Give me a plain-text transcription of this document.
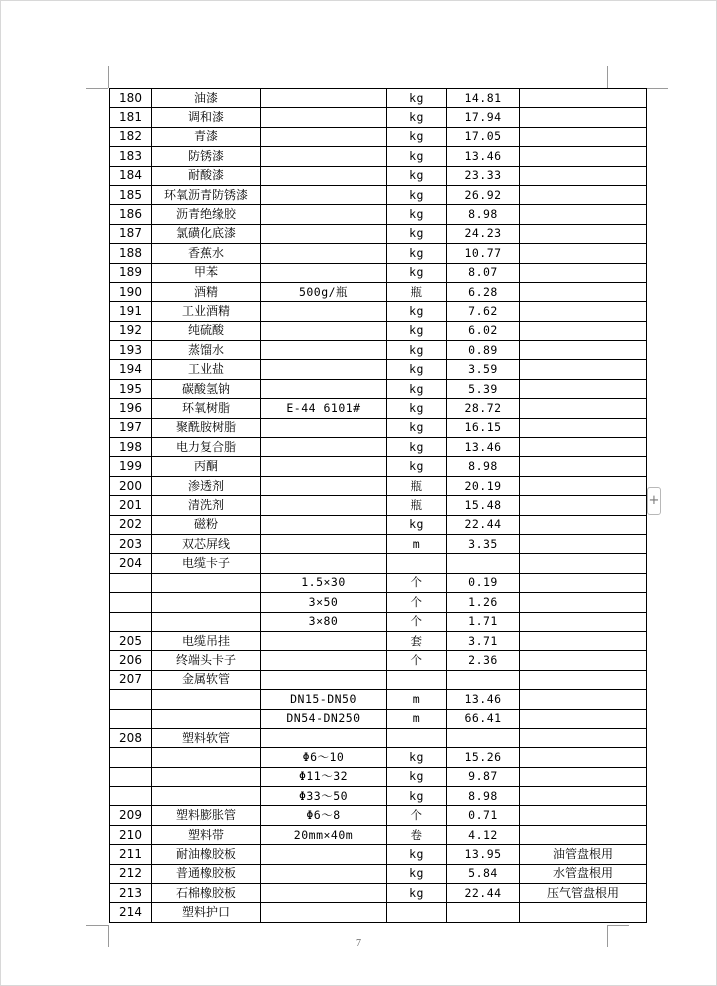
180	油漆		kg	14.81	
181	调和漆		kg	17.94	
182	青漆		kg	17.05	
183	防锈漆		kg	13.46	
184	耐酸漆		kg	23.33	
185	环氧沥青防锈漆		kg	26.92	
186	沥青绝缘胶		kg	8.98	
187	氯磺化底漆		kg	24.23	
188	香蕉水		kg	10.77	
189	甲苯		kg	8.07	
190	酒精	500g/瓶	瓶	6.28	
191	工业酒精		kg	7.62	
192	纯硫酸		kg	6.02	
193	蒸馏水		kg	0.89	
194	工业盐		kg	3.59	
195	碳酸氢钠		kg	5.39	
196	环氧树脂	E-44 6101#	kg	28.72	
197	聚酰胺树脂		kg	16.15	
198	电力复合脂		kg	13.46	
199	丙酮		kg	8.98	
200	渗透剂		瓶	20.19	
201	清洗剂		瓶	15.48	
202	磁粉		kg	22.44	
203	双芯屏线		m	3.35	
204	电缆卡子				
		1.5×30	个	0.19	
		3×50	个	1.26	
		3×80	个	1.71	
205	电缆吊挂		套	3.71	
206	终端头卡子		个	2.36	
207	金属软管				
		DN15-DN50	m	13.46	
		DN54-DN250	m	66.41	
208	塑料软管				
		Φ6～10	kg	15.26	
		Φ11～32	kg	9.87	
		Φ33～50	kg	8.98	
209	塑料膨胀管	Φ6～8	个	0.71	
210	塑料带	20mm×40m	卷	4.12	
211	耐油橡胶板		kg	13.95	油管盘根用
212	普通橡胶板		kg	5.84	水管盘根用
213	石棉橡胶板		kg	22.44	压气管盘根用
214	塑料护口				
+
7
